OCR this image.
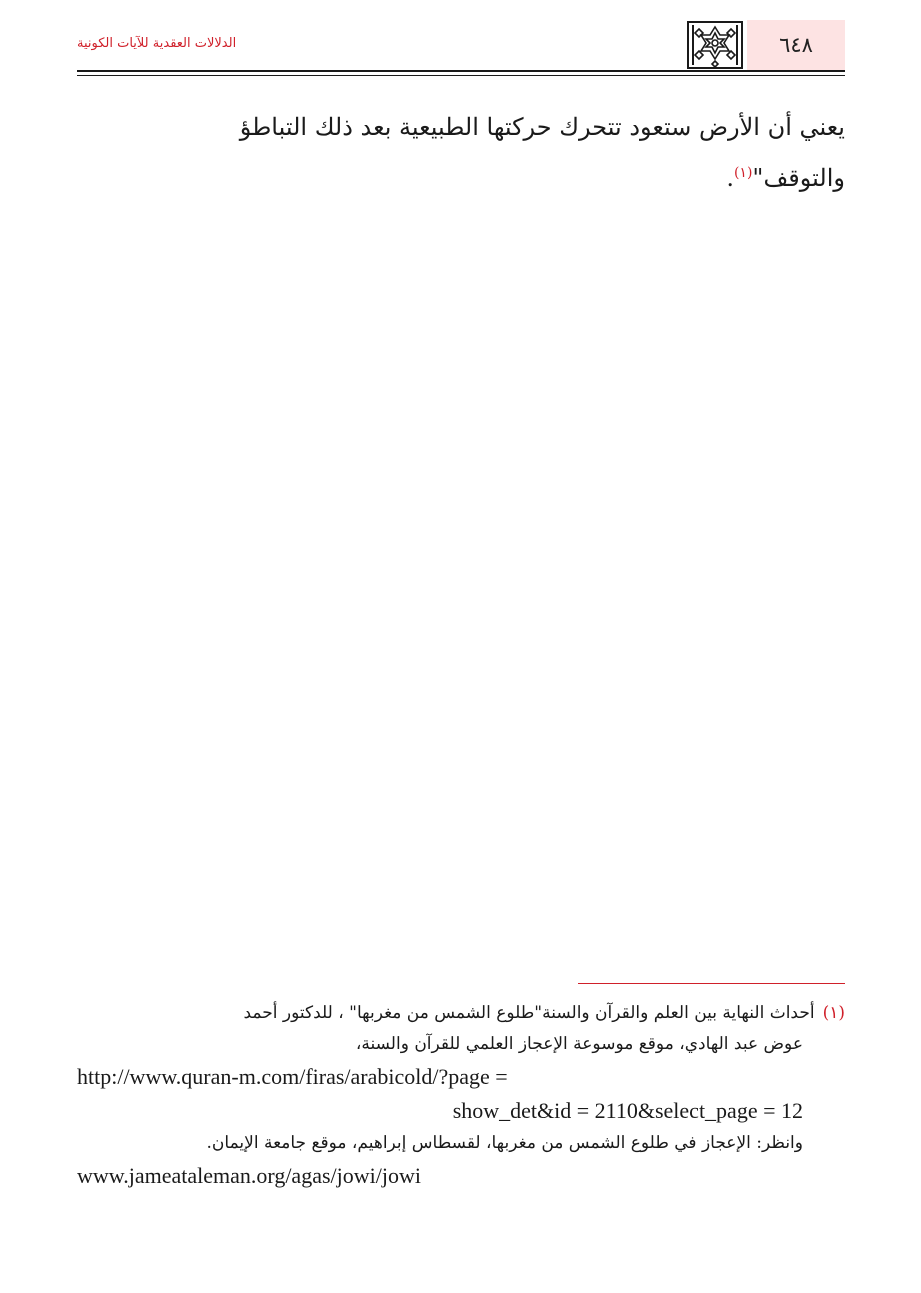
٦٤٨
الدلالات العقدية للآيات الكونية

يعني أن الأرض ستعود تتحرك حركتها الطبيعية بعد ذلك التباطؤ

والتوقف"$^{(١)}$.

(١)أحداث النهاية بين العلم والقرآن والسنة"طلوع الشمس من مغربها" ، للدكتور أحمد

عوض عبد الهادي، موقع موسوعة الإعجاز العلمي للقرآن والسنة،

http://www.quran-m.com/firas/arabicold/?page =

show_det&id = 2110&select_page = 12

وانظر: الإعجاز في طلوع الشمس من مغربها، لقسطاس إبراهيم، موقع جامعة الإيمان.

www.jameataleman.org/agas/jowi/jowi
